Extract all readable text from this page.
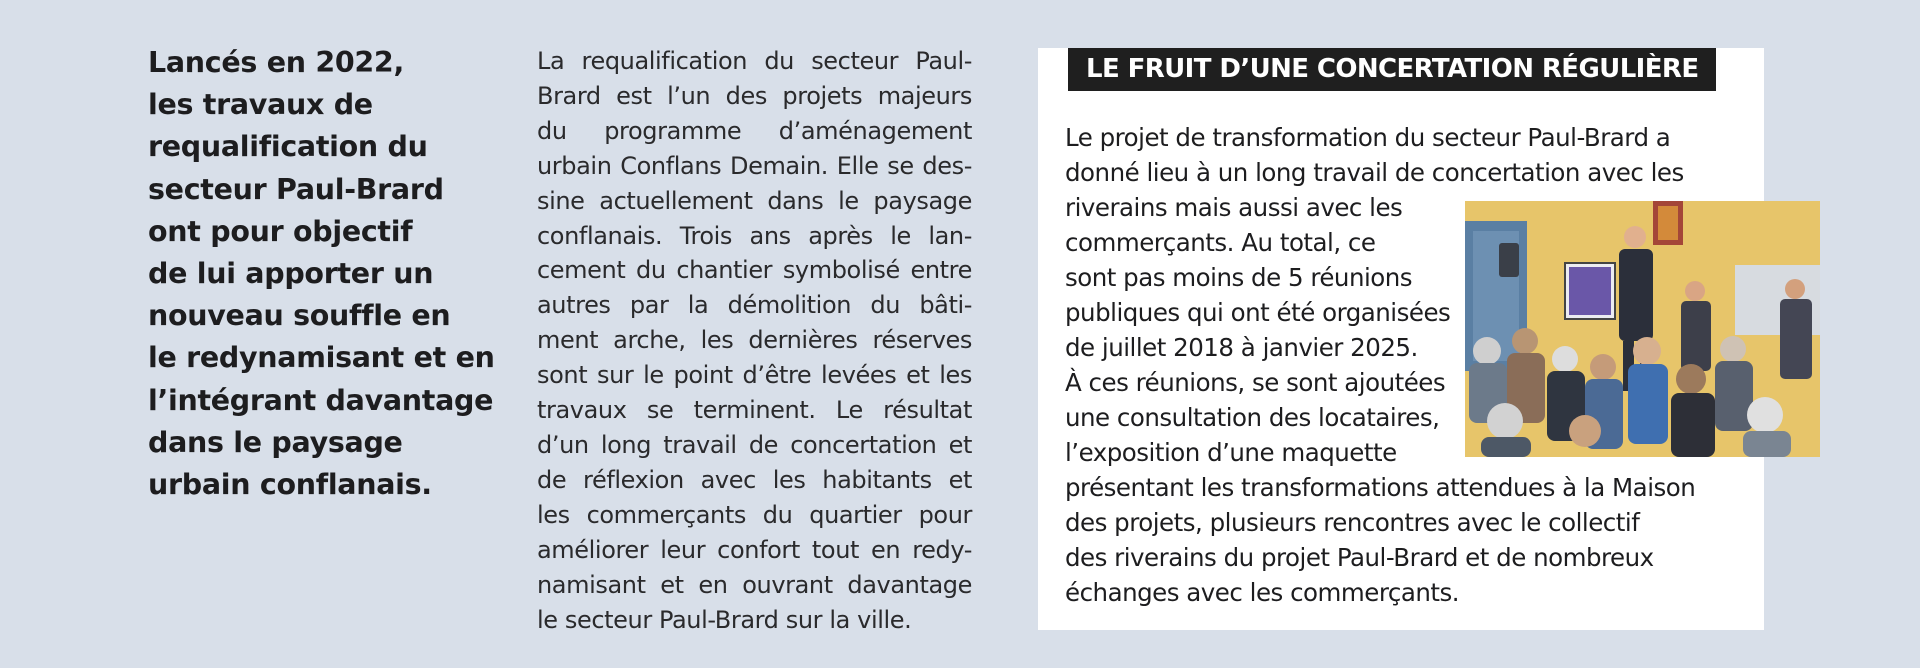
Lancés en 2022,
les travaux de
requalification du
secteur Paul-Brard
ont pour objectif
de lui apporter un
nouveau souffle en
le redynamisant et en
l’intégrant davantage
dans le paysage
urbain conflanais.
La requalification du secteur Paul-
Brard est l’un des projets majeurs
du programme d’aménagement
urbain Conflans Demain. Elle se des-
sine actuellement dans le paysage
conflanais. Trois ans après le lan-
cement du chantier symbolisé entre
autres par la démolition du bâti-
ment arche, les dernières réserves
sont sur le point d’être levées et les
travaux se terminent. Le résultat
d’un long travail de concertation et
de réflexion avec les habitants et
les commerçants du quartier pour
améliorer leur confort tout en redy-
namisant et en ouvrant davantage
le secteur Paul-Brard sur la ville.
LE FRUIT D’UNE CONCERTATION RÉGULIÈRE
Le projet de transformation du secteur Paul-Brard a
donné lieu à un long travail de concertation avec les
riverains mais aussi avec les
commerçants. Au total, ce
sont pas moins de 5 réunions
publiques qui ont été organisées
de juillet 2018 à janvier 2025.
À ces réunions, se sont ajoutées
une consultation des locataires,
l’exposition d’une maquette
présentant les transformations attendues à la Maison
des projets, plusieurs rencontres avec le collectif
des riverains du projet Paul-Brard et de nombreux
échanges avec les commerçants.
